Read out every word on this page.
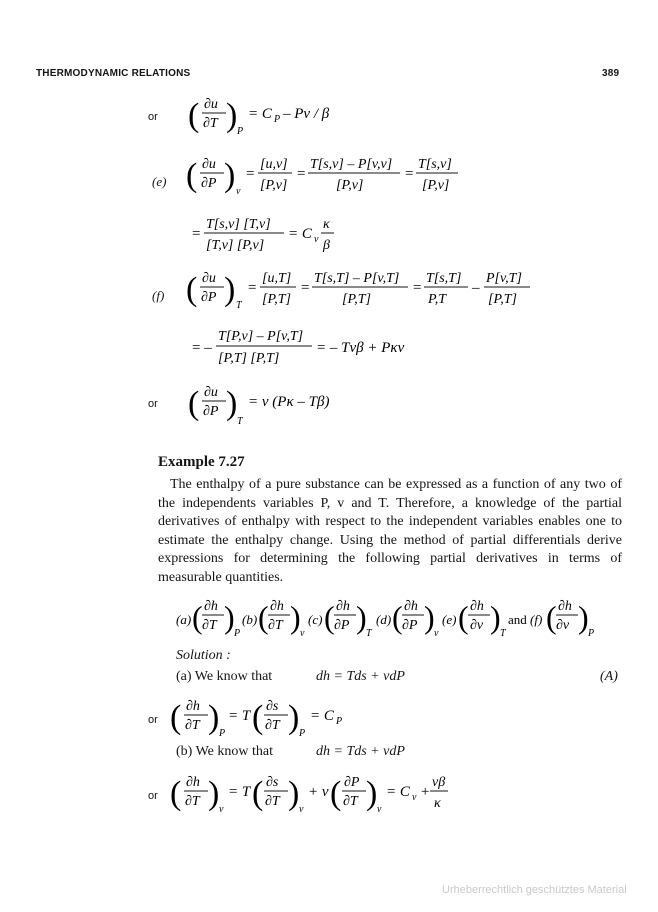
THERMODYNAMIC RELATIONS	389
or ( ∂u
∂T ) P
= C P – Pv / β
(e) ( ∂u
∂P ) v
=
[u,v]
[P,v]
=
T[s,v] – P[v,v]
[P,v]
=
T[s,v]
[P,v]
=
T[s,v] [T,v]
[T,v] [P,v]
= C v
κ
β
(f) ( ∂u
∂P ) T
=
[u,T]
[P,T]
=
T[s,T] – P[v,T]
[P,T]
=
T[s,T]
P,T
–
P[v,T]
[P,T]
= –
T[P,v] – P[v,T]
[P,T] [P,T]
= – Tvβ + Pκv
or ( ∂u
∂P ) T
= v (Pκ – Tβ)
Example 7.27
The enthalpy of a pure substance can be expressed as a function of any two of the independents variables P, v and T. Therefore, a knowledge of the partial derivatives of enthalpy with respect to the independent variables enables one to estimate the enthalpy change. Using the method of partial differentials derive expressions for determining the following partial derivatives in terms of measurable quantities.
(a) ( ∂h
∂T ) P
(b) ( ∂h
∂T ) v
(c) ( ∂h
∂P ) T
(d) ( ∂h
∂P ) v
(e) ( ∂h
∂v ) T
and (f) ( ∂h
∂v ) P
Solution :
(a) We know that	dh = Tds + vdP	(A)
or ( ∂h
∂T ) P
= T ( ∂s
∂T ) P
= C P
(b) We know that	dh = Tds + vdP
or ( ∂h
∂T ) v
= T ( ∂s
∂T ) v
+ v ( ∂P
∂T ) v
= C v +
vβ
κ
Urheberrechtlich geschütztes Material
